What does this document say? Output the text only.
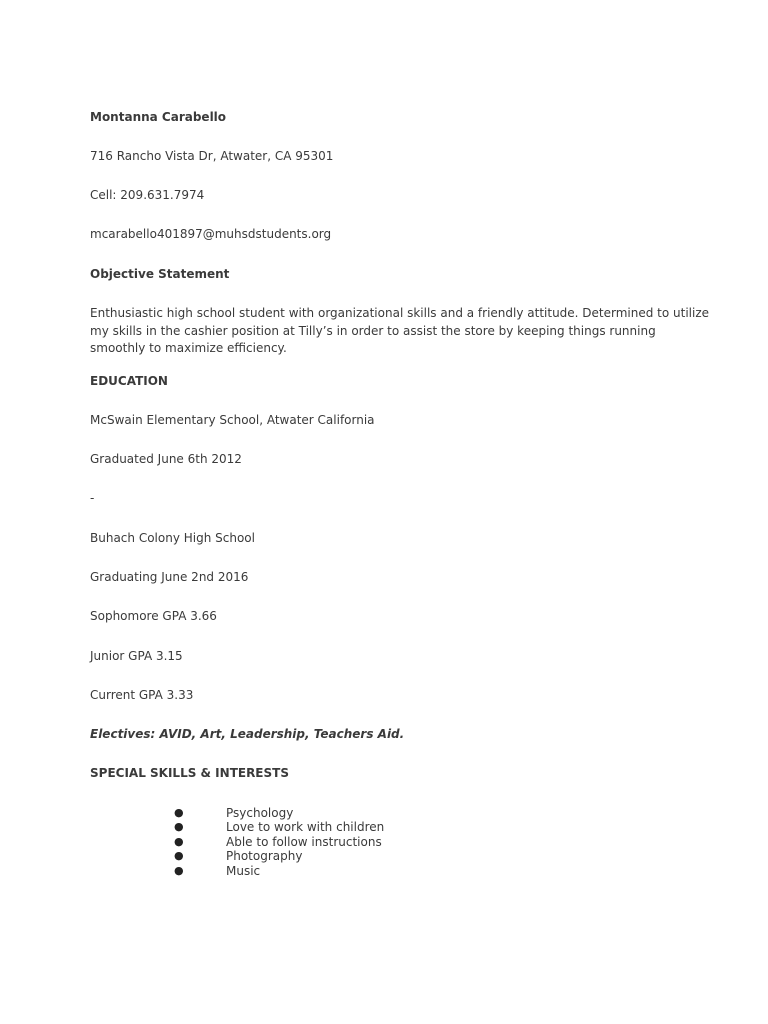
Montanna Carabello
716 Rancho Vista Dr, Atwater, CA 95301
Cell: 209.631.7974
mcarabello401897@muhsdstudents.org
Objective Statement
Enthusiastic high school student with organizational skills and a friendly attitude. Determined to utilize
my skills in the cashier position at Tilly’s in order to assist the store by keeping things running
smoothly to maximize efficiency.
EDUCATION
McSwain Elementary School, Atwater California
Graduated June 6th 2012
-
Buhach Colony High School
Graduating June 2nd 2016
Sophomore GPA 3.66
Junior GPA 3.15
Current GPA 3.33
Electives: AVID, Art, Leadership, Teachers Aid.
SPECIAL SKILLS & INTERESTS
●	Psychology
●	Love to work with children
●	Able to follow instructions
●	Photography
●	Music
